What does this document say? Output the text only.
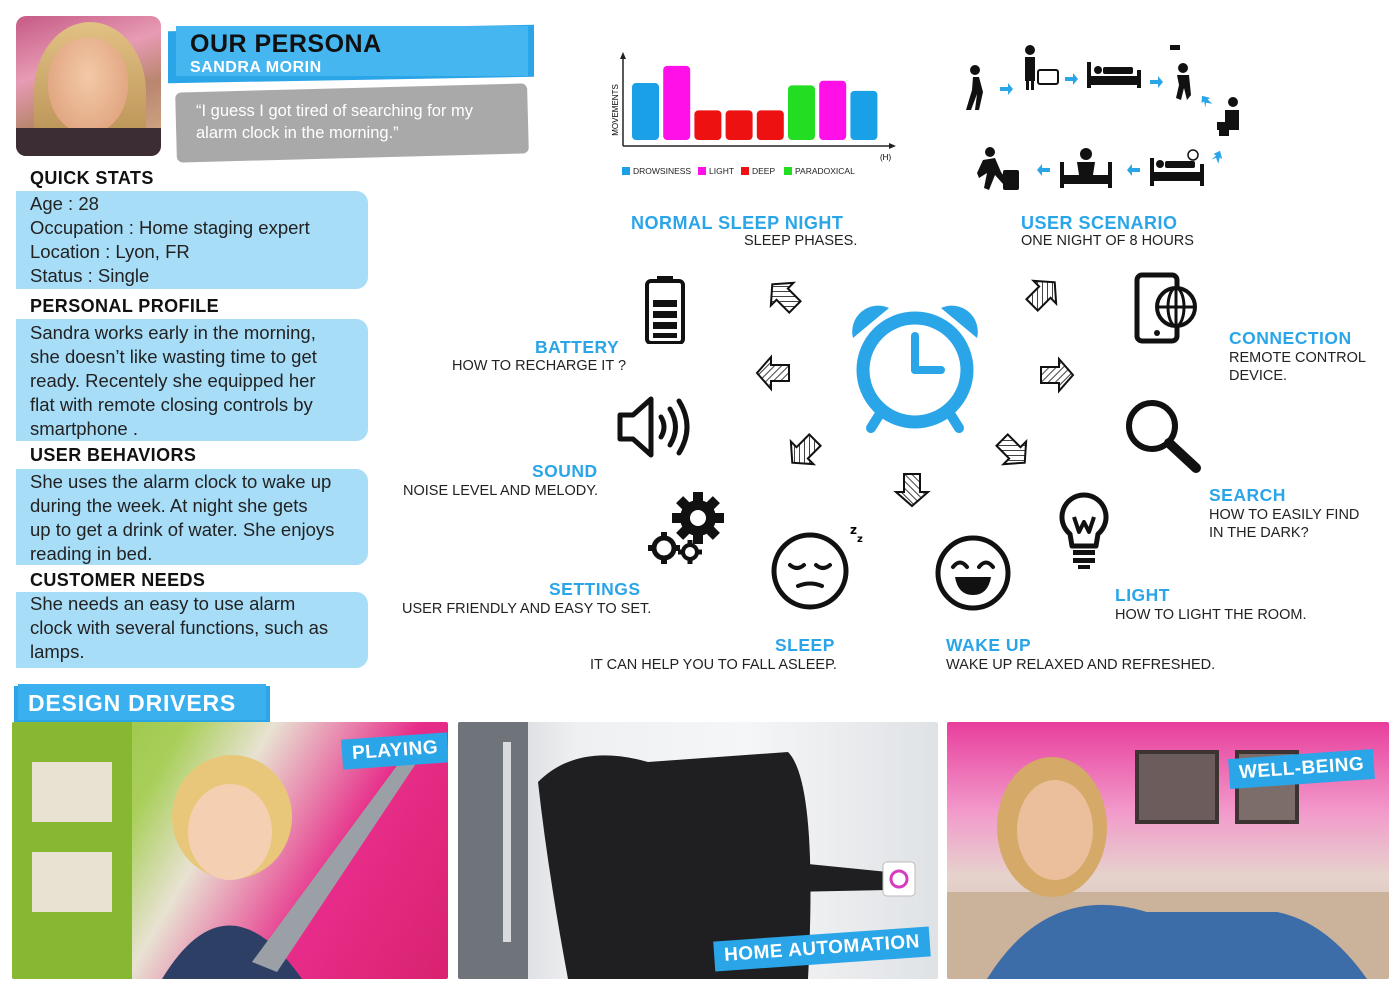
OUR PERSONA
SANDRA MORIN
“I guess I got tired of searching for my alarm clock in the morning.”
QUICK STATS
Age : 28
Occupation : Home staging expert
Location : Lyon, FR
Status : Single
PERSONAL PROFILE
Sandra works early in the morning,
she doesn’t like wasting time to get
ready. Recentely she equipped her
flat with remote closing controls by
smartphone .
USER BEHAVIORS
She uses the alarm clock to wake up
during the week. At night she gets
up to get a drink of water. She enjoys
reading in bed.
CUSTOMER NEEDS
She needs an easy to use alarm
clock with several functions, such as
lamps.
DESIGN DRIVERS
PLAYING
HOME AUTOMATION
WELL-BEING
MOVEMENTS
(H)
DROWSINESS LIGHT DEEP PARADOXICAL
NORMAL SLEEP NIGHT
SLEEP PHASES.
USER SCENARIO
ONE NIGHT OF 8 HOURS
BATTERY
HOW TO RECHARGE IT ?
SOUND
NOISE LEVEL AND MELODY.
SETTINGS
USER FRIENDLY AND EASY TO SET.
z
z
SLEEP
IT CAN HELP YOU TO FALL ASLEEP.
WAKE UP
WAKE UP RELAXED AND REFRESHED.
LIGHT
HOW TO LIGHT THE ROOM.
SEARCH
HOW TO EASILY FIND
IN THE DARK?
CONNECTION
REMOTE CONTROL
DEVICE.
